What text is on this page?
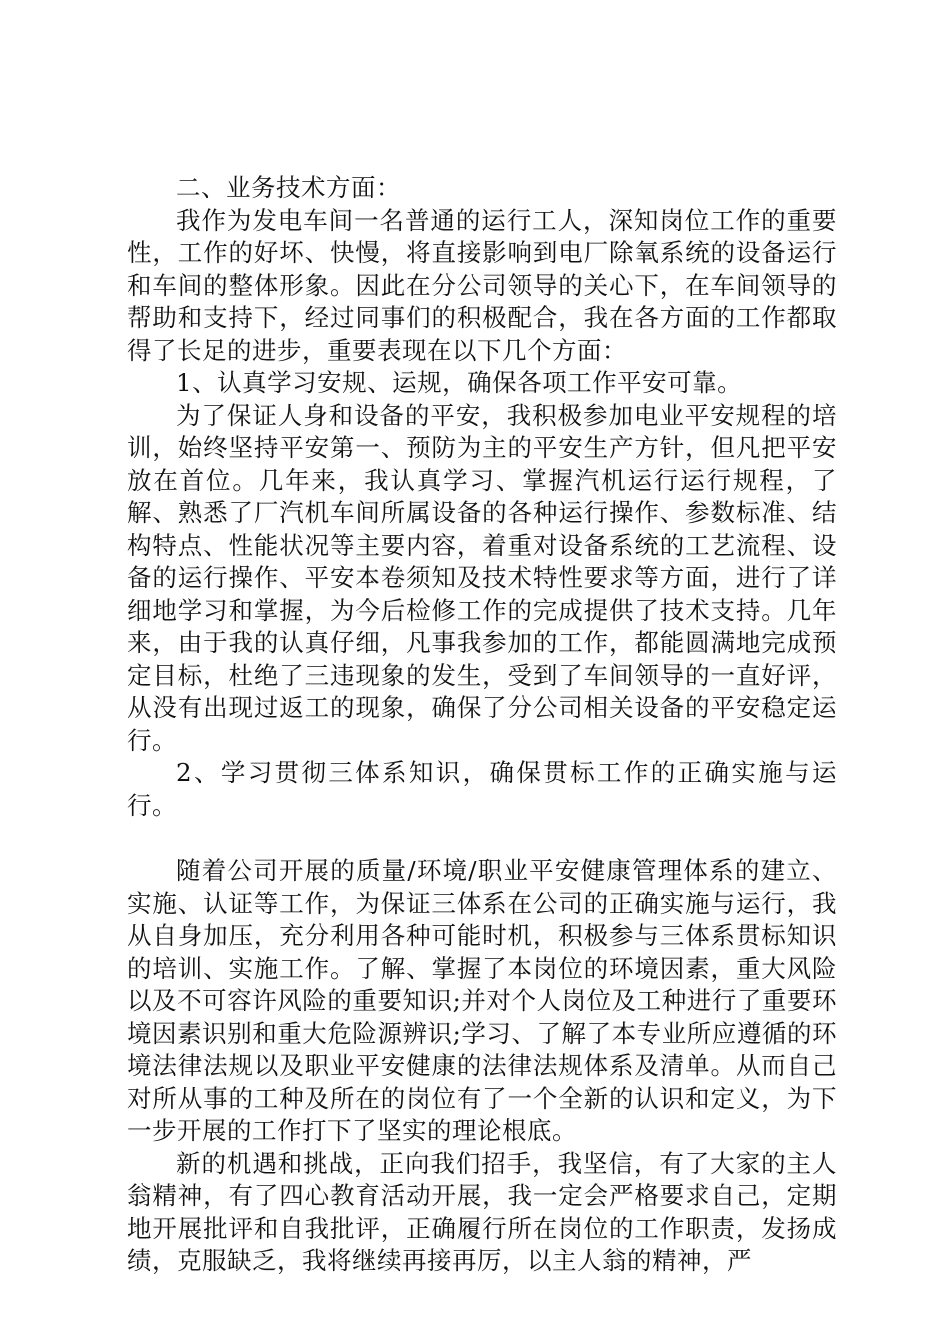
二、业务技术方面：

我作为发电车间一名普通的运行工人，深知岗位工作的重要性，工作的好坏、快慢，将直接影响到电厂除氧系统的设备运行和车间的整体形象。因此在分公司领导的关心下，在车间领导的帮助和支持下，经过同事们的积极配合，我在各方面的工作都取得了长足的进步，重要表现在以下几个方面：

1、认真学习安规、运规，确保各项工作平安可靠。

为了保证人身和设备的平安，我积极参加电业平安规程的培训，始终坚持平安第一、预防为主的平安生产方针，但凡把平安放在首位。几年来，我认真学习、掌握汽机运行运行规程，了解、熟悉了厂汽机车间所属设备的各种运行操作、参数标准、结构特点、性能状况等主要内容，着重对设备系统的工艺流程、设备的运行操作、平安本卷须知及技术特性要求等方面，进行了详细地学习和掌握，为今后检修工作的完成提供了技术支持。几年来，由于我的认真仔细，凡事我参加的工作，都能圆满地完成预定目标，杜绝了三违现象的发生，受到了车间领导的一直好评，从没有出现过返工的现象，确保了分公司相关设备的平安稳定运行。

2、学习贯彻三体系知识，确保贯标工作的正确实施与运行。

随着公司开展的质量/环境/职业平安健康管理体系的建立、实施、认证等工作，为保证三体系在公司的正确实施与运行，我从自身加压，充分利用各种可能时机，积极参与三体系贯标知识的培训、实施工作。了解、掌握了本岗位的环境因素，重大风险以及不可容许风险的重要知识;并对个人岗位及工种进行了重要环境因素识别和重大危险源辨识;学习、了解了本专业所应遵循的环境法律法规以及职业平安健康的法律法规体系及清单。从而自己对所从事的工种及所在的岗位有了一个全新的认识和定义，为下一步开展的工作打下了坚实的理论根底。

新的机遇和挑战，正向我们招手，我坚信，有了大家的主人翁精神，有了四心教育活动开展，我一定会严格要求自己，定期地开展批评和自我批评，正确履行所在岗位的工作职责，发扬成绩，克服缺乏，我将继续再接再厉，以主人翁的精神，严
